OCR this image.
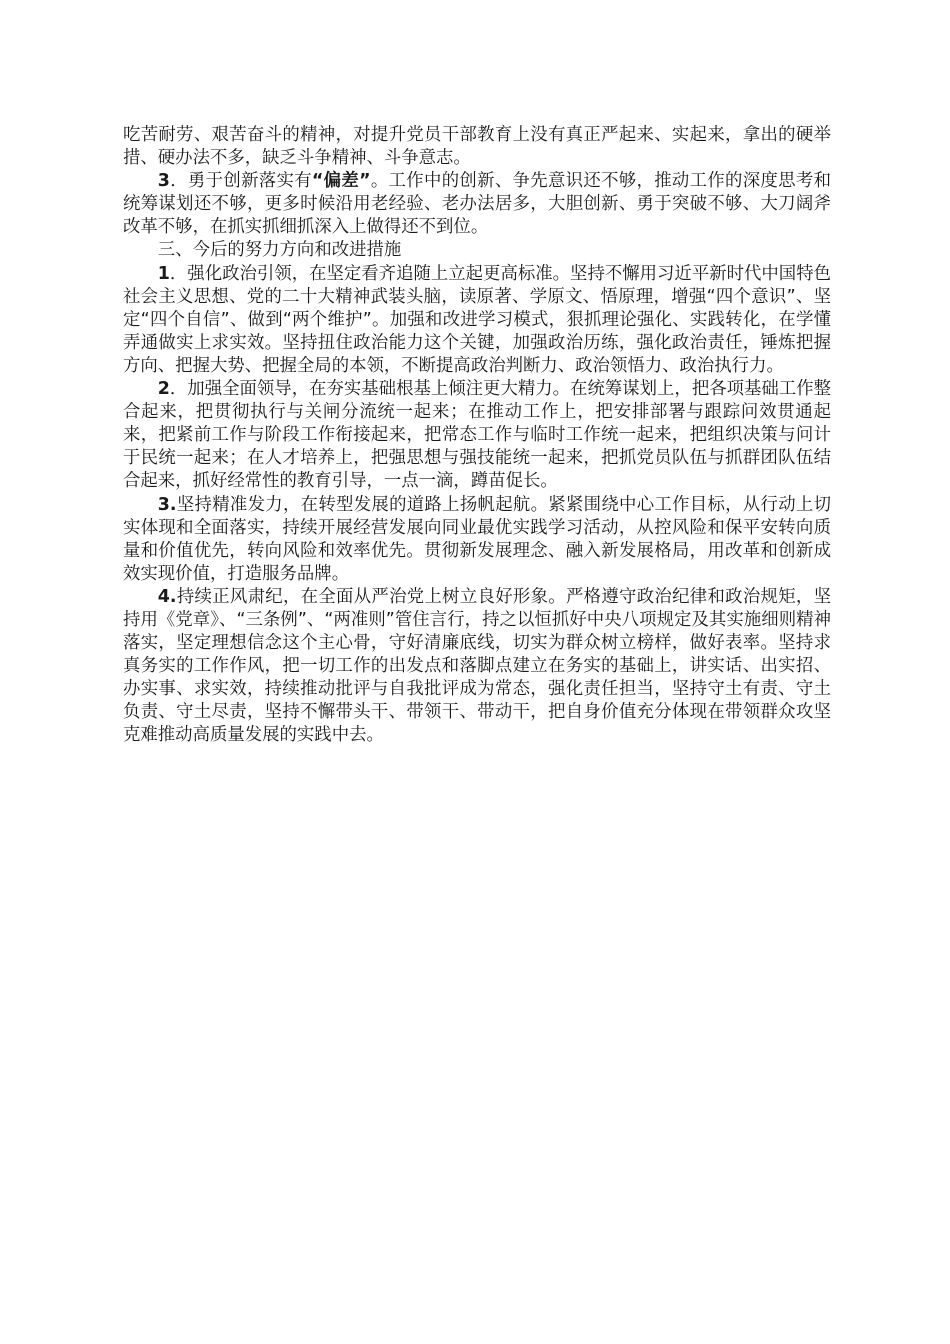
吃苦耐劳、艰苦奋斗的精神，对提升党员干部教育上没有真正严起来、实起来，拿出的硬举措、硬办法不多，缺乏斗争精神、斗争意志。

3．勇于创新落实有“偏差”。工作中的创新、争先意识还不够，推动工作的深度思考和统筹谋划还不够，更多时候沿用老经验、老办法居多，大胆创新、勇于突破不够、大刀阔斧改革不够，在抓实抓细抓深入上做得还不到位。

三、今后的努力方向和改进措施

1．强化政治引领，在坚定看齐追随上立起更高标准。坚持不懈用习近平新时代中国特色社会主义思想、党的二十大精神武装头脑，读原著、学原文、悟原理，增强“四个意识”、坚定“四个自信”、做到“两个维护”。加强和改进学习模式，狠抓理论强化、实践转化，在学懂弄通做实上求实效。坚持扭住政治能力这个关键，加强政治历练，强化政治责任，锤炼把握方向、把握大势、把握全局的本领，不断提高政治判断力、政治领悟力、政治执行力。

2．加强全面领导，在夯实基础根基上倾注更大精力。在统筹谋划上，把各项基础工作整合起来，把贯彻执行与关闸分流统一起来；在推动工作上，把安排部署与跟踪问效贯通起来，把紧前工作与阶段工作衔接起来，把常态工作与临时工作统一起来，把组织决策与问计于民统一起来；在人才培养上，把强思想与强技能统一起来，把抓党员队伍与抓群团队伍结合起来，抓好经常性的教育引导，一点一滴，蹲苗促长。

3.坚持精准发力，在转型发展的道路上扬帆起航。紧紧围绕中心工作目标，从行动上切实体现和全面落实，持续开展经营发展向同业最优实践学习活动，从控风险和保平安转向质量和价值优先，转向风险和效率优先。贯彻新发展理念、融入新发展格局，用改革和创新成效实现价值，打造服务品牌。

4.持续正风肃纪，在全面从严治党上树立良好形象。严格遵守政治纪律和政治规矩，坚持用《党章》、“三条例”、“两准则”管住言行，持之以恒抓好中央八项规定及其实施细则精神落实，坚定理想信念这个主心骨，守好清廉底线，切实为群众树立榜样，做好表率。坚持求真务实的工作作风，把一切工作的出发点和落脚点建立在务实的基础上，讲实话、出实招、办实事、求实效，持续推动批评与自我批评成为常态，强化责任担当，坚持守土有责、守土负责、守土尽责，坚持不懈带头干、带领干、带动干，把自身价值充分体现在带领群众攻坚克难推动高质量发展的实践中去。
